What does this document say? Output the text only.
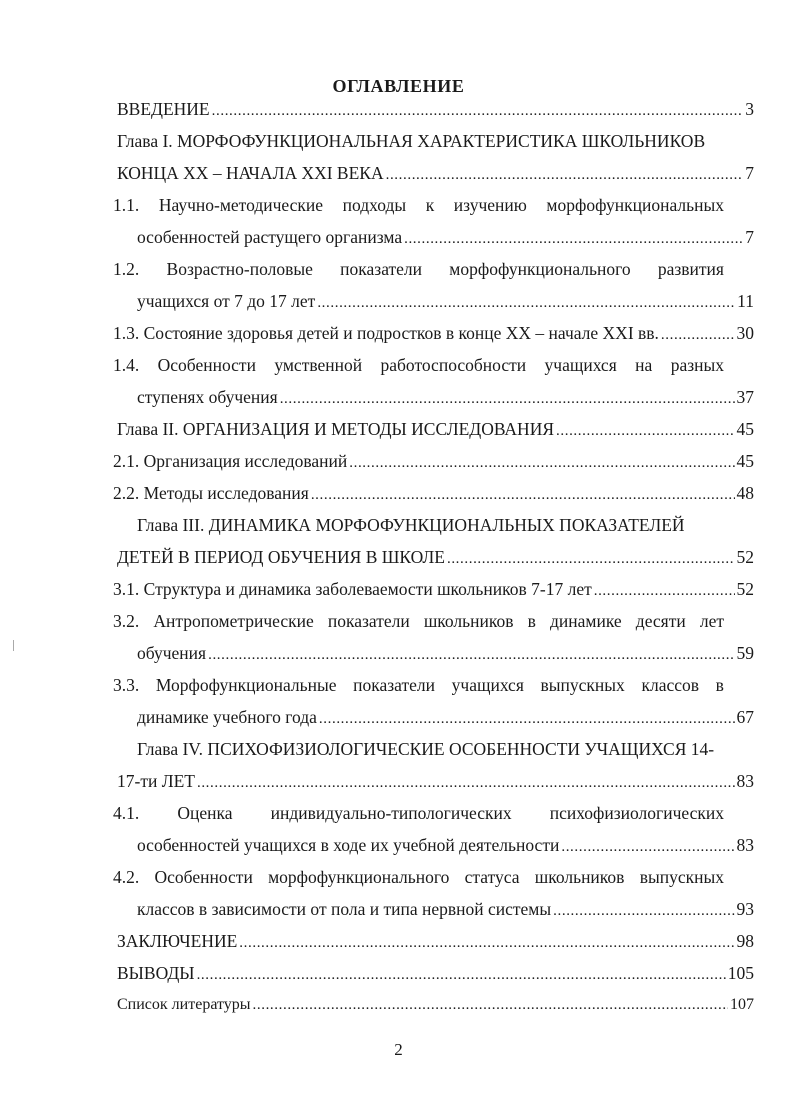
ОГЛАВЛЕНИЕ
ВВЕДЕНИЕ .....	3
Глава I. МОРФОФУНКЦИОНАЛЬНАЯ ХАРАКТЕРИСТИКА ШКОЛЬНИКОВ
КОНЦА XX – НАЧАЛА XXI ВЕКА .....	7
1.1. Научно-методические подходы к изучению морфофункциональных
особенностей растущего организма .....	7
1.2. Возрастно-половые показатели морфофункционального развития
учащихся от 7 до 17 лет .....	11
1.3. Состояние здоровья детей и подростков в конце XX – начале XXI вв. .....	30
1.4. Особенности умственной работоспособности учащихся на разных
ступенях обучения .....	37
Глава II. ОРГАНИЗАЦИЯ И МЕТОДЫ ИССЛЕДОВАНИЯ .....	45
2.1. Организация исследований .....	45
2.2. Методы исследования .....	48
Глава III. ДИНАМИКА МОРФОФУНКЦИОНАЛЬНЫХ ПОКАЗАТЕЛЕЙ
ДЕТЕЙ В ПЕРИОД ОБУЧЕНИЯ В ШКОЛЕ .....	52
3.1. Структура и динамика заболеваемости школьников 7-17 лет .....	52
3.2. Антропометрические показатели школьников в динамике десяти лет
обучения .....	59
3.3. Морфофункциональные показатели учащихся выпускных классов в
динамике учебного года .....	67
Глава IV. ПСИХОФИЗИОЛОГИЧЕСКИЕ ОСОБЕННОСТИ УЧАЩИХСЯ 14-
17-ти ЛЕТ .....	83
4.1. Оценка индивидуально-типологических психофизиологических
особенностей учащихся в ходе их учебной деятельности .....	83
4.2. Особенности морфофункционального статуса школьников выпускных
классов в зависимости от пола и типа нервной системы .....	93
ЗАКЛЮЧЕНИЕ .....	98
ВЫВОДЫ .....	105
Список литературы .....	107
2
